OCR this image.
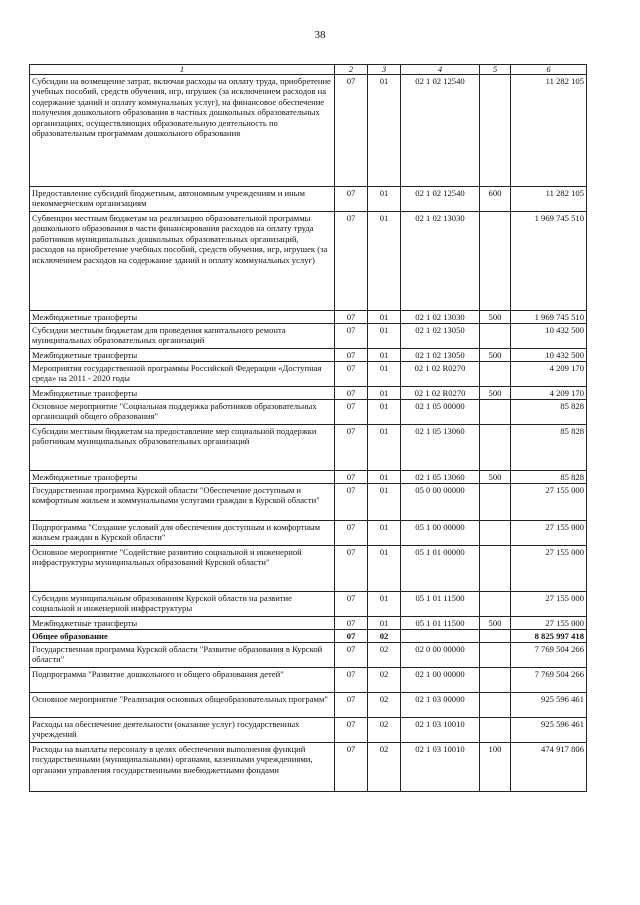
38
1	2	3	4	5	6
Субсидии на возмещение затрат, включая расходы на оплату труда, приобретение учебных пособий, средств обучения, игр, игрушек (за исключением расходов на содержание зданий и оплату коммунальных услуг), на финансовое обеспечение получения дошкольного образования в частных дошкольных образовательных организациях, осуществляющих образовательную деятельность по образовательным программам дошкольного образования	07	01	02 1 02 12540		11 282 105
Предоставление субсидий бюджетным, автономным учреждениям и иным некоммерческим организациям	07	01	02 1 02 12540	600	11 282 105
Субвенции местным бюджетам на реализацию образовательной программы дошкольного образования в части финансирования расходов на оплату труда работников муниципальных дошкольных образовательных организаций, расходов на приобретение учебных пособий, средств обучения, игр, игрушек (за исключением расходов на содержание зданий и оплату коммунальных услуг)	07	01	02 1 02 13030		1 969 745 510
Межбюджетные трансферты	07	01	02 1 02 13030	500	1 969 745 510
Субсидии местным бюджетам для проведения капитального ремонта муниципальных образовательных организаций	07	01	02 1 02 13050		10 432 500
Межбюджетные трансферты	07	01	02 1 02 13050	500	10 432 500
Мероприятия государственной программы Российской Федерации «Доступная среда» на 2011 - 2020 годы	07	01	02 1 02 R0270		4 209 170
Межбюджетные трансферты	07	01	02 1 02 R0270	500	4 209 170
Основное мероприятие "Социальная поддержка работников образовательных организаций общего образования"	07	01	02 1 05 00000		85 828
Субсидии местным бюджетам на предоставление мер социальной поддержки работникам муниципальных образовательных организаций	07	01	02 1 05 13060		85 828
Межбюджетные трансферты	07	01	02 1 05 13060	500	85 828
Государственная программа Курской области "Обеспечение доступным и комфортным жильем и коммунальными услугами граждан в Курской области"	07	01	05 0 00 00000		27 155 000
Подпрограмма "Создание условий для обеспечения доступным и комфортным жильем граждан в Курской области"	07	01	05 1 00 00000		27 155 000
Основное мероприятие "Содействие развитию социальной и инженерной инфраструктуры муниципальных образований Курской области"	07	01	05 1 01 00000		27 155 000
Субсидии муниципальным образованиям Курской области на развитие социальной и инженерной инфраструктуры	07	01	05 1 01 11500		27 155 000
Межбюджетные трансферты	07	01	05 1 01 11500	500	27 155 000
Общее образование	07	02			8 825 997 418
Государственная программа Курской области "Развитие образования в Курской области"	07	02	02 0 00 00000		7 769 504 266
Подпрограмма "Развитие дошкольного и общего образования детей"	07	02	02 1 00 00000		7 769 504 266
Основное мероприятие "Реализация основных общеобразовательных программ"	07	02	02 1 03 00000		925 596 461
Расходы на обеспечение деятельности (оказание услуг) государственных учреждений	07	02	02 1 03 10010		925 596 461
Расходы на выплаты персоналу в целях обеспечения выполнения функций государственными (муниципальными) органами, казенными учреждениями, органами управления государственными внебюджетными фондами	07	02	02 1 03 10010	100	474 917 806
